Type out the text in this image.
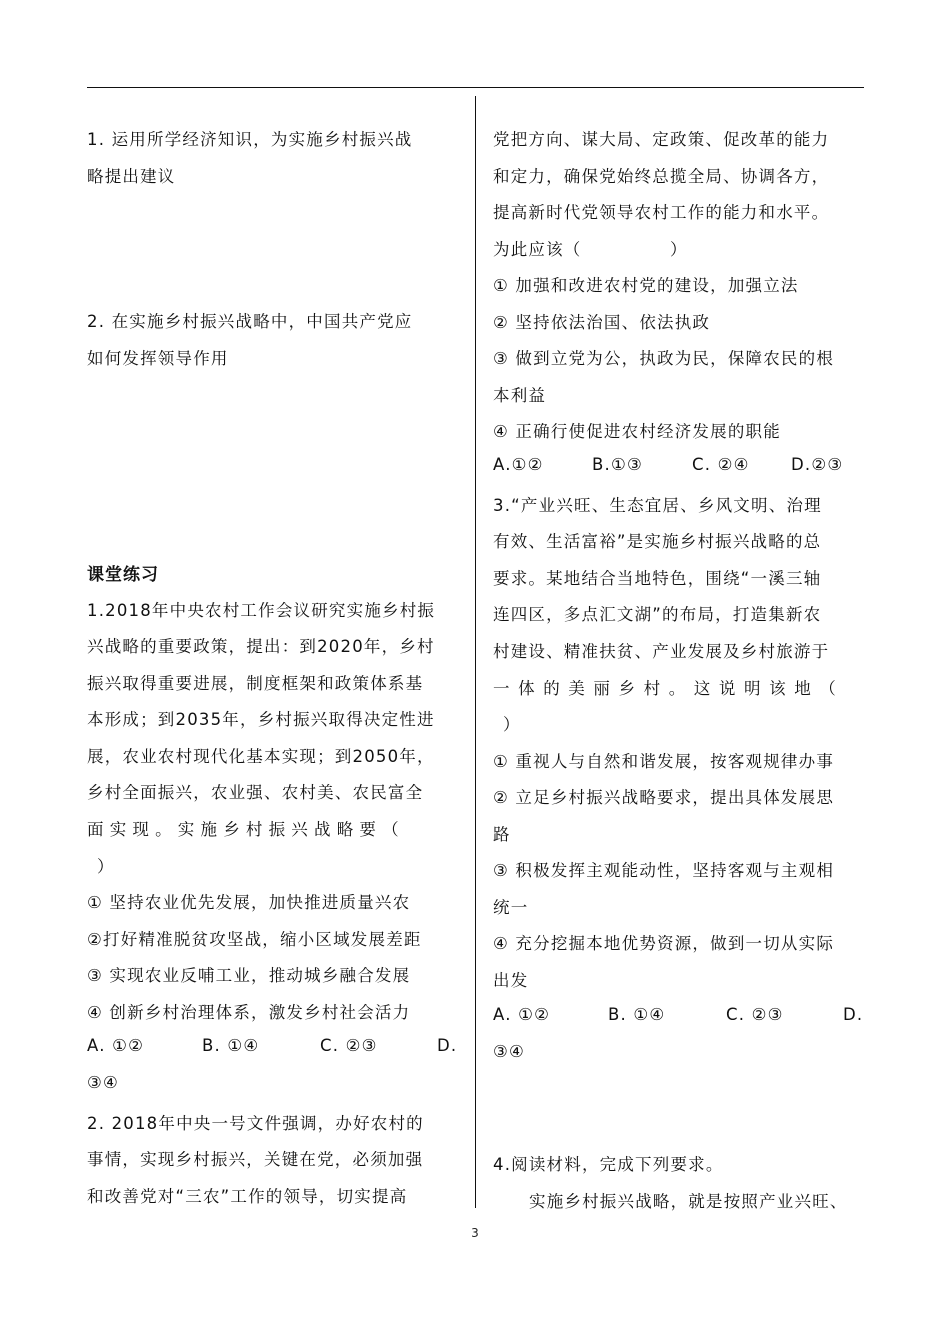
1. 运用所学经济知识，为实施乡村振兴战
略提出建议
2. 在实施乡村振兴战略中，中国共产党应
如何发挥领导作用
课堂练习
1.2018年中央农村工作会议研究实施乡村振
兴战略的重要政策，提出：到2020年，乡村
振兴取得重要进展，制度框架和政策体系基
本形成；到2035年，乡村振兴取得决定性进
展，农业农村现代化基本实现；到2050年，
乡村全面振兴，农业强、农村美、农民富全
面实现。实施乡村振兴战略要（
）
① 坚持农业优先发展，加快推进质量兴农
②打好精准脱贫攻坚战，缩小区域发展差距
③ 实现农业反哺工业，推动城乡融合发展
④ 创新乡村治理体系，激发乡村社会活力
A. ①②	B. ①④	C. ②③	D.
③④
2. 2018年中央一号文件强调，办好农村的
事情，实现乡村振兴，关键在党，必须加强
和改善党对“三农”工作的领导，切实提高
党把方向、谋大局、定政策、促改革的能力
和定力，确保党始终总揽全局、协调各方，
提高新时代党领导农村工作的能力和水平。
为此应该（　　　　　）
① 加强和改进农村党的建设，加强立法
② 坚持依法治国、依法执政
③ 做到立党为公，执政为民，保障农民的根
本利益
④ 正确行使促进农村经济发展的职能
A.①②	B.①③	C. ②④	D.②③
3.“产业兴旺、生态宜居、乡风文明、治理
有效、生活富裕”是实施乡村振兴战略的总
要求。某地结合当地特色，围绕“一溪三轴
连四区，多点汇文湖”的布局，打造集新农
村建设、精准扶贫、产业发展及乡村旅游于
一体的美丽乡村。这说明该地（
）
① 重视人与自然和谐发展，按客观规律办事
② 立足乡村振兴战略要求，提出具体发展思
路
③ 积极发挥主观能动性，坚持客观与主观相
统一
④ 充分挖掘本地优势资源，做到一切从实际
出发
A. ①②	B. ①④	C. ②③	D.
③④
4.阅读材料，完成下列要求。
实施乡村振兴战略，就是按照产业兴旺、
3
